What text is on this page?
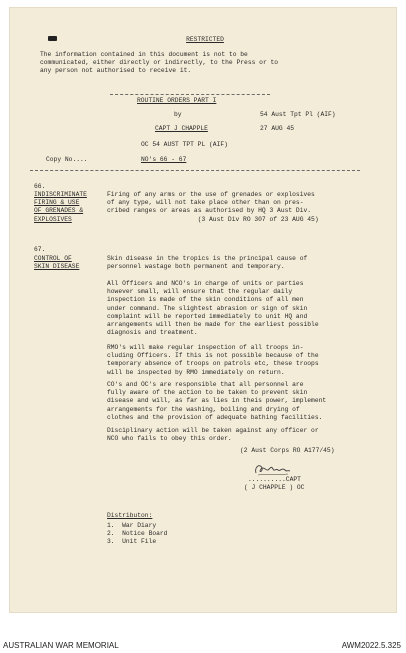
RESTRICTED
The information contained in this document is not to be
communicated, either directly or indirectly, to the Press or to
any person not authorised to receive it.
ROUTINE ORDERS PART I
by	54 Aust Tpt Pl (AIF)
CAPT J CHAPPLE	27 AUG 45
OC 54 AUST TPT PL (AIF)
Copy No....	NO's 66 - 67
66.
INDISCRIMINATE
FIRING & USE
OF GRENADES &
EXPLOSIVES
Firing of any arms or the use of grenades or explosives
of any type, will not take place other than on pres-
cribed ranges or areas as authorised by HQ 3 Aust Div.
(3 Aust Div RO 307 of 23 AUG 45)
67.
CONTROL OF
SKIN DISEASE
Skin disease in the tropics is the principal cause of
personnel wastage both permanent and temporary.
All Officers and NCO's in charge of units or parties
however small, will ensure that the regular daily
inspection is made of the skin conditions of all men
under command. The slightest abrasion or sign of skin
complaint will be reported immediately to unit HQ and
arrangements will then be made for the earliest possible
diagnosis and treatment.
RMO's will make regular inspection of all troops in-
cluding Officers. If this is not possible because of the
temporary absence of troops on patrols etc, these troops
will be inspected by RMO immediately on return.
CO's and OC's are responsible that all personnel are
fully aware of the action to be taken to prevent skin
disease and will, as far as lies in theis power, implement
arrangements for the washing, boiling and drying of
clothes and the provision of adequate bathing facilities.
Disciplinary action will be taken against any officer or
NCO who fails to obey this order.
(2 Aust Corps RO A177/45)
..........CAPT
( J CHAPPLE ) OC
Distributon:
1.  War Diary
2.  Notice Board
3.  Unit File
AUSTRALIAN WAR MEMORIAL	AWM2022.5.325
